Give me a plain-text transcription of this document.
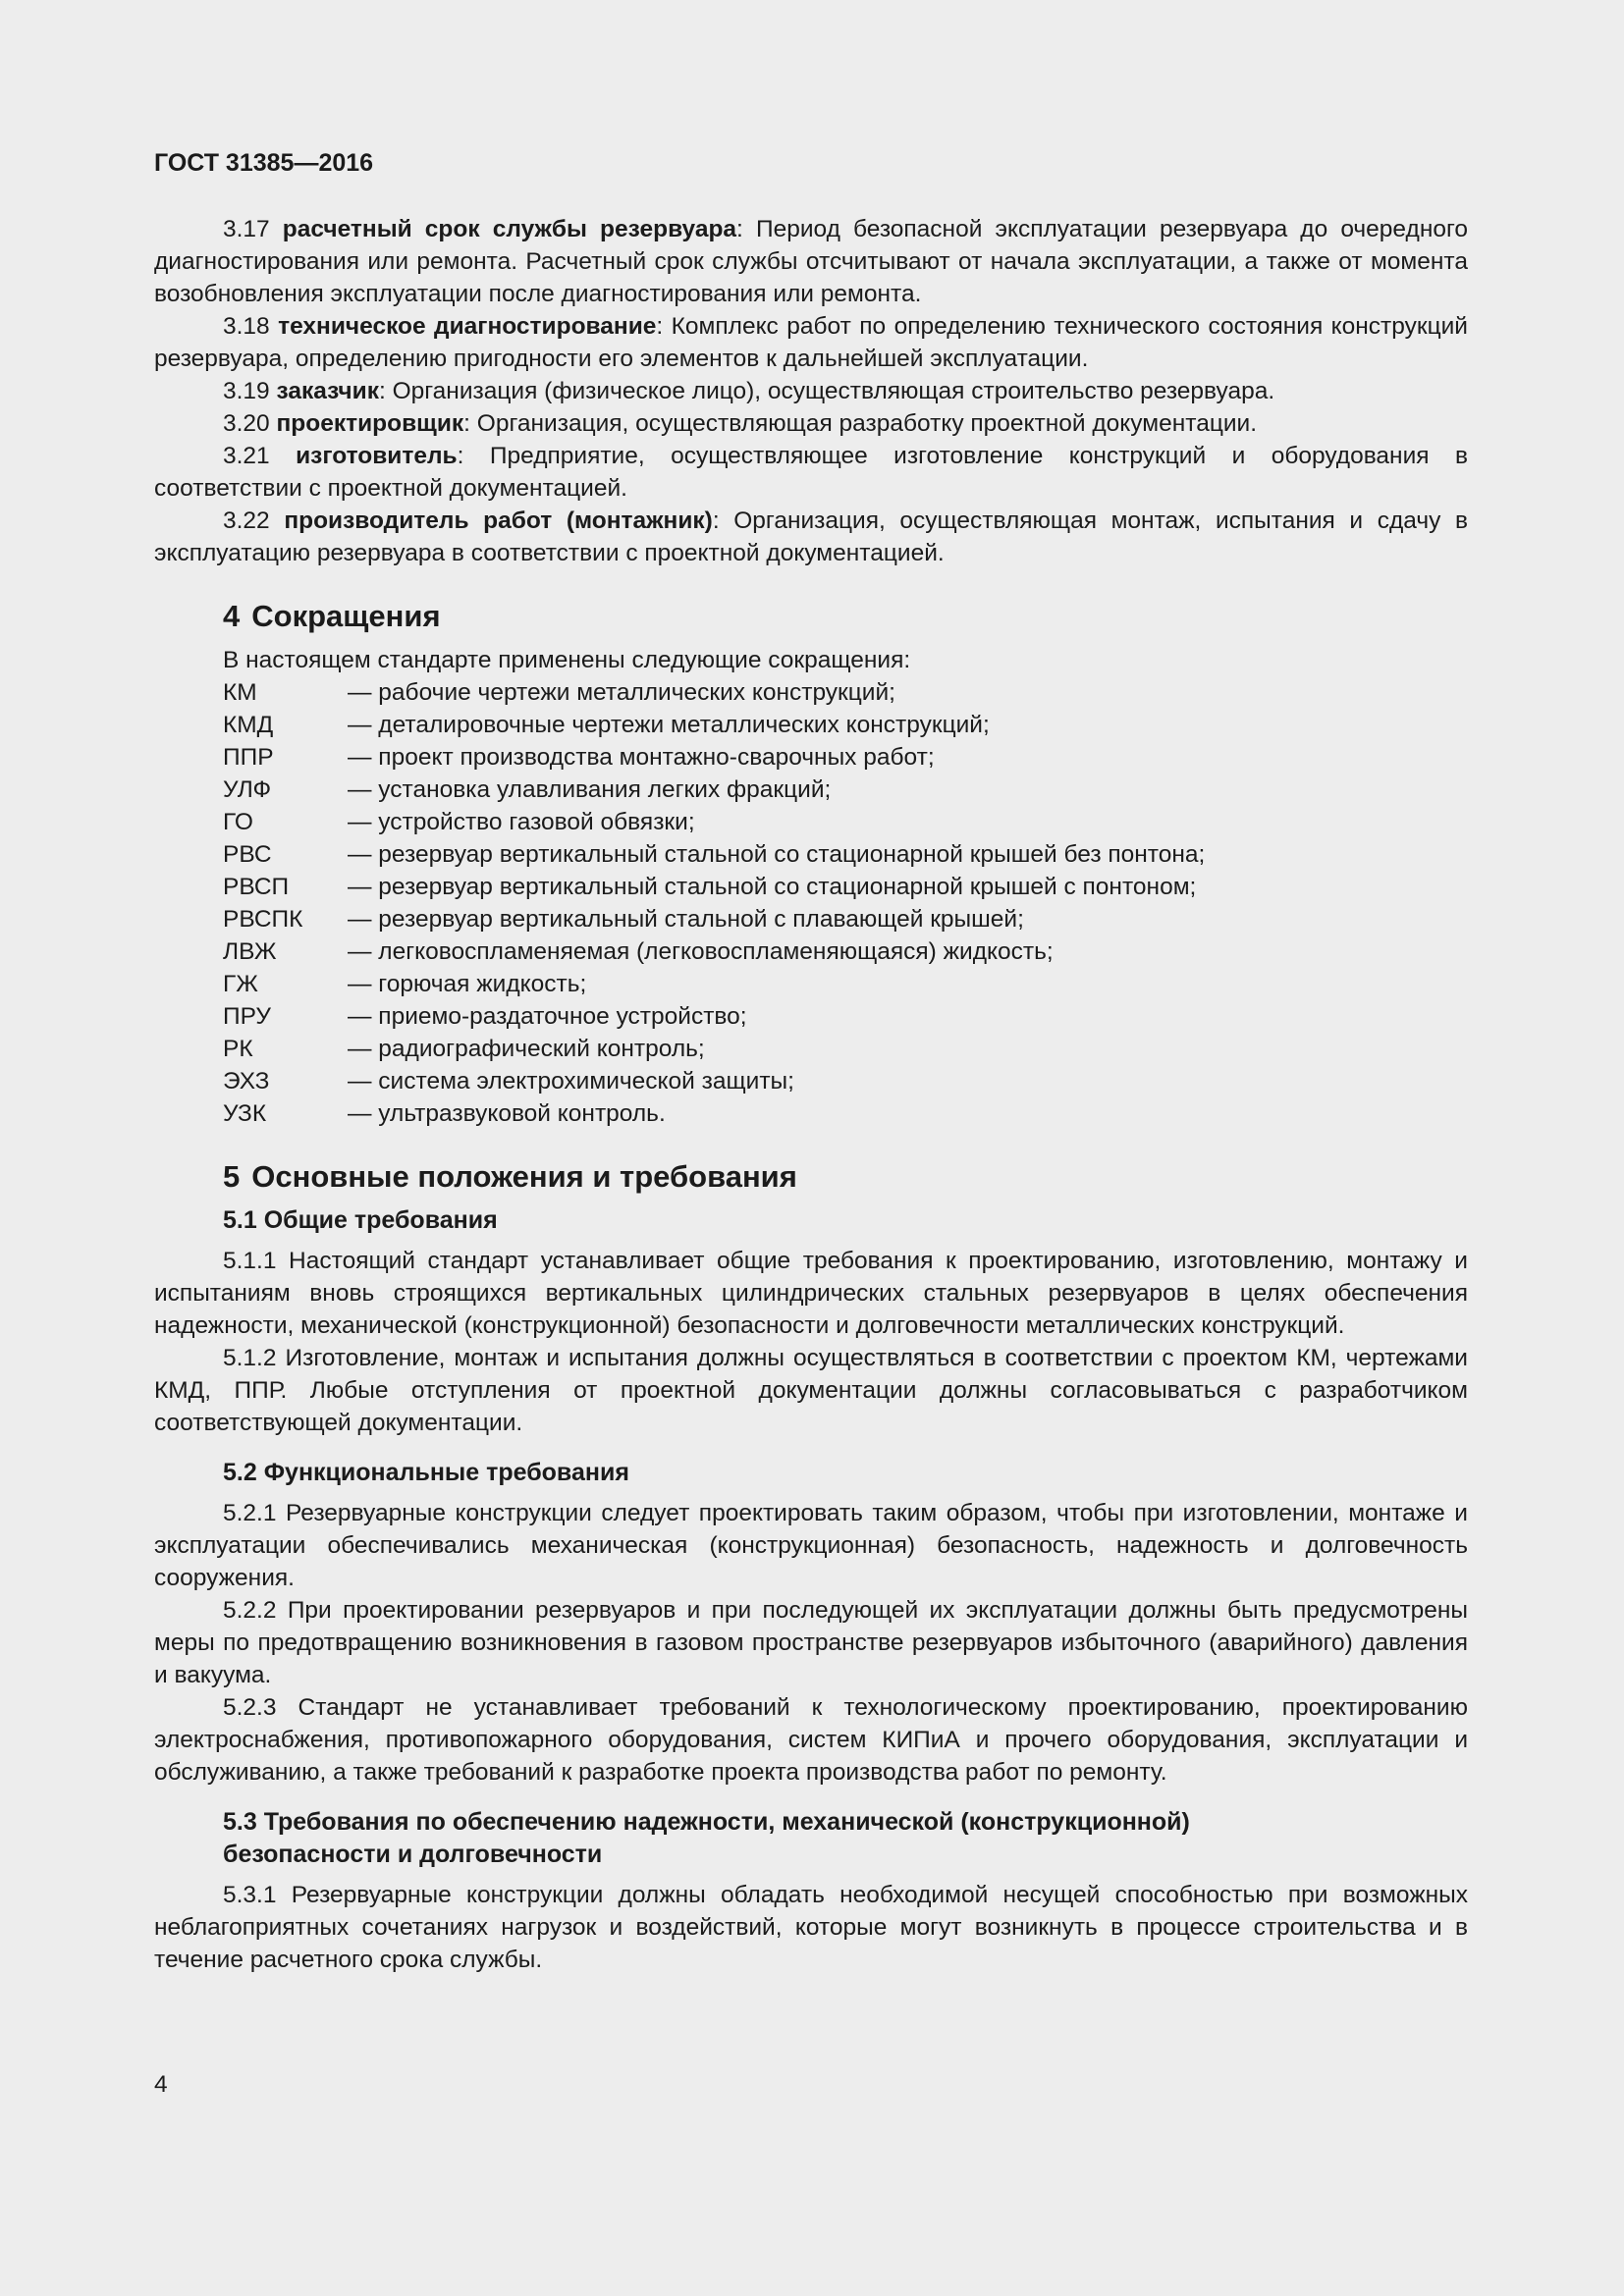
ГОСТ 31385—2016

3.17 расчетный срок службы резервуара: Период безопасной эксплуатации резервуара до очередного диагностирования или ремонта. Расчетный срок службы отсчитывают от начала эксплуатации, а также от момента возобновления эксплуатации после диагностирования или ремонта.

3.18 техническое диагностирование: Комплекс работ по определению технического состояния конструкций резервуара, определению пригодности его элементов к дальнейшей эксплуатации.

3.19 заказчик: Организация (физическое лицо), осуществляющая строительство резервуара.

3.20 проектировщик: Организация, осуществляющая разработку проектной документации.

3.21 изготовитель: Предприятие, осуществляющее изготовление конструкций и оборудования в соответствии с проектной документацией.

3.22 производитель работ (монтажник): Организация, осуществляющая монтаж, испытания и сдачу в эксплуатацию резервуара в соответствии с проектной документацией.

4 Сокращения
В настоящем стандарте применены следующие сокращения:
КМ	— рабочие чертежи металлических конструкций;
КМД	— деталировочные чертежи металлических конструкций;
ППР	— проект производства монтажно-сварочных работ;
УЛФ	— установка улавливания легких фракций;
ГО	— устройство газовой обвязки;
РВС	— резервуар вертикальный стальной со стационарной крышей без понтона;
РВСП	— резервуар вертикальный стальной со стационарной крышей с понтоном;
РВСПК	— резервуар вертикальный стальной с плавающей крышей;
ЛВЖ	— легковоспламеняемая (легковоспламеняющаяся) жидкость;
ГЖ	— горючая жидкость;
ПРУ	— приемо-раздаточное устройство;
РК	— радиографический контроль;
ЭХЗ	— система электрохимической защиты;
УЗК	— ультразвуковой контроль.
5 Основные положения и требования
5.1 Общие требования

5.1.1 Настоящий стандарт устанавливает общие требования к проектированию, изготовлению, монтажу и испытаниям вновь строящихся вертикальных цилиндрических стальных резервуаров в целях обеспечения надежности, механической (конструкционной) безопасности и долговечности металлических конструкций.

5.1.2 Изготовление, монтаж и испытания должны осуществляться в соответствии с проектом КМ, чертежами КМД, ППР. Любые отступления от проектной документации должны согласовываться с разработчиком соответствующей документации.

5.2 Функциональные требования

5.2.1 Резервуарные конструкции следует проектировать таким образом, чтобы при изготовлении, монтаже и эксплуатации обеспечивались механическая (конструкционная) безопасность, надежность и долговечность сооружения.

5.2.2 При проектировании резервуаров и при последующей их эксплуатации должны быть предусмотрены меры по предотвращению возникновения в газовом пространстве резервуаров избыточного (аварийного) давления и вакуума.

5.2.3 Стандарт не устанавливает требований к технологическому проектированию, проектированию электроснабжения, противопожарного оборудования, систем КИПиА и прочего оборудования, эксплуатации и обслуживанию, а также требований к разработке проекта производства работ по ремонту.

5.3 Требования по обеспечению надежности, механической (конструкционной)
безопасности и долговечности

5.3.1 Резервуарные конструкции должны обладать необходимой несущей способностью при возможных неблагоприятных сочетаниях нагрузок и воздействий, которые могут возникнуть в процессе строительства и в течение расчетного срока службы.

4
